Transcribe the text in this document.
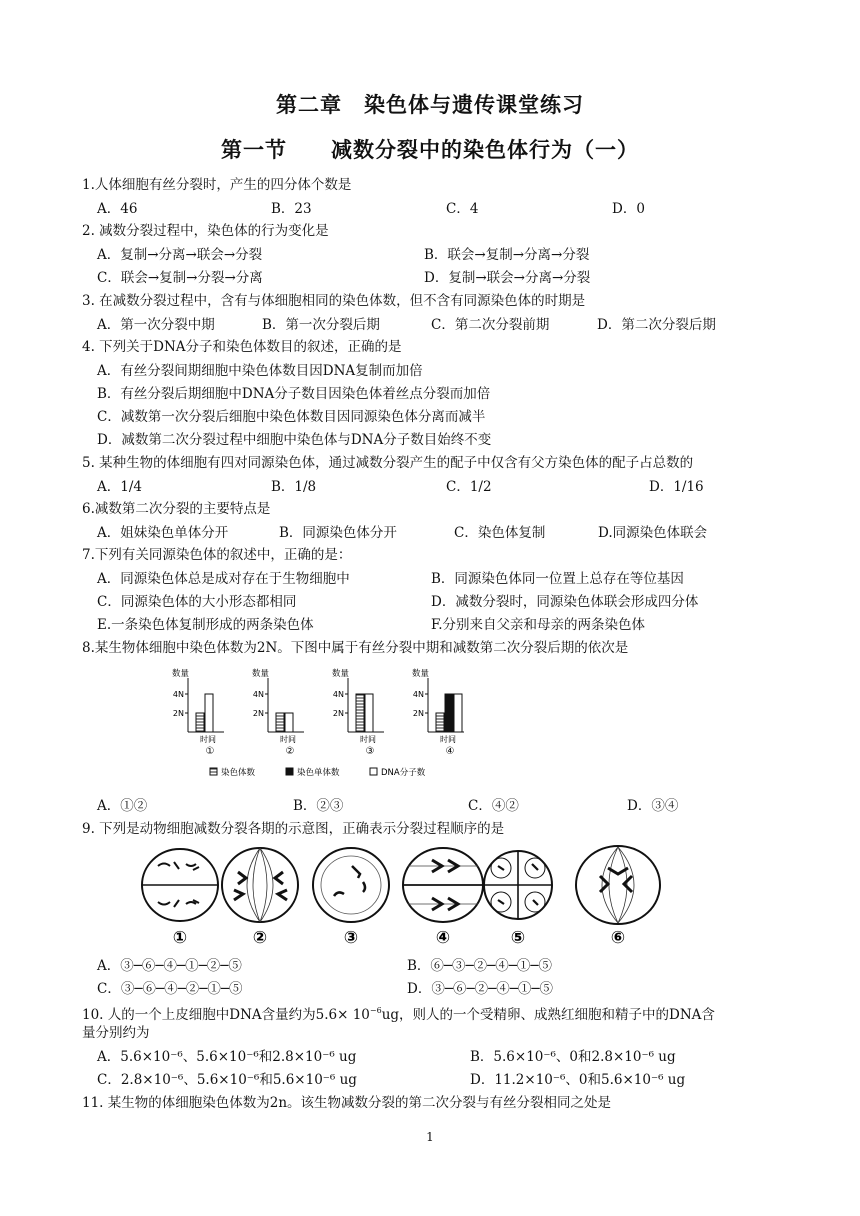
第二章　染色体与遗传课堂练习
第一节　　减数分裂中的染色体行为（一）
1.人体细胞有丝分裂时，产生的四分体个数是
A．46	B．23	C．4	D．0
2. 减数分裂过程中，染色体的行为变化是
A．复制→分离→联会→分裂	B．联会→复制→分离→分裂
C．联会→复制→分裂→分离	D．复制→联会→分离→分裂
3. 在减数分裂过程中，含有与体细胞相同的染色体数，但不含有同源染色体的时期是
A．第一次分裂中期	B．第一次分裂后期	C．第二次分裂前期	D．第二次分裂后期
4. 下列关于DNA分子和染色体数目的叙述，正确的是
A．有丝分裂间期细胞中染色体数目因DNA复制而加倍
B．有丝分裂后期细胞中DNA分子数目因染色体着丝点分裂而加倍
C．减数第一次分裂后细胞中染色体数目因同源染色体分离而减半
D．减数第二次分裂过程中细胞中染色体与DNA分子数目始终不变
5. 某种生物的体细胞有四对同源染色体，通过减数分裂产生的配子中仅含有父方染色体的配子占总数的
A．1/4	B．1/8	C．1/2	D．1/16
6.减数第二次分裂的主要特点是
A．姐妹染色单体分开	B．同源染色体分开	C．染色体复制	D.同源染色体联会
7.下列有关同源染色体的叙述中，正确的是：
A．同源染色体总是成对存在于生物细胞中	B．同源染色体同一位置上总存在等位基因
C．同源染色体的大小形态都相同	D．减数分裂时，同源染色体联会形成四分体
E.一条染色体复制形成的两条染色体	F.分别来自父亲和母亲的两条染色体
8.某生物体细胞中染色体数为2N。下图中属于有丝分裂中期和减数第二次分裂后期的依次是
4N
2N
数量
时间
①
4N
2N
数量
时间
②
4N
2N
数量
时间
③
4N
2N
数量
时间
④
染色体数	染色单体数	DNA分子数
A．①②	B．②③	C．④②	D．③④
9. 下列是动物细胞减数分裂各期的示意图，正确表示分裂过程顺序的是
①	②	③	④	⑤	⑥
A．③─⑥─④─①─②─⑤	B．⑥─③─②─④─①─⑤
C．③─⑥─④─②─①─⑤	D．③─⑥─②─④─①─⑤
10. 人的一个上皮细胞中DNA含量约为$5.6\times 10^{-6}ug$，则人的一个受精卵、成熟红细胞和精子中的DNA含
量分别约为
A．5.6×10⁻⁶、5.6×10⁻⁶和2.8×10⁻⁶ ug	B．5.6×10⁻⁶、0和2.8×10⁻⁶ ug
C．2.8×10⁻⁶、5.6×10⁻⁶和5.6×10⁻⁶ ug	D．11.2×10⁻⁶、0和5.6×10⁻⁶ ug
11. 某生物的体细胞染色体数为2n。该生物减数分裂的第二次分裂与有丝分裂相同之处是
1
